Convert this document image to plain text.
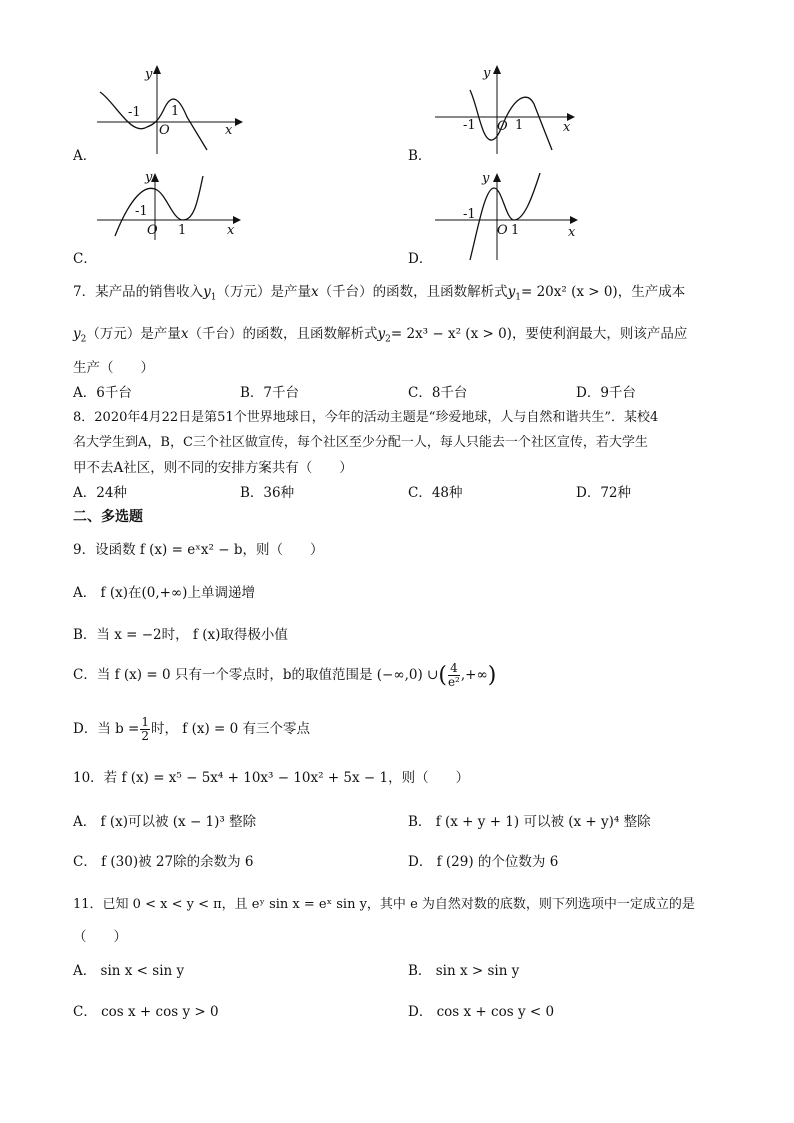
-1 1
O
y
x	-1	1
O
y
x
-1
1
O
y
x
-1
1
O
y
x
A．	B．
C．	D．
7．某产品的销售收入$y_1$（万元）是产量x（千台）的函数，且函数解析式$y_1= 20x^2$ (x > 0)，生产成本
$y_2$（万元）是产量x（千台）的函数，且函数解析式$y_2= 2x^3 - x^2$ (x > 0)，要使利润最大，则该产品应
生产（　　）
A．6千台	B．7千台	C．8千台	D．9千台
8．2020年4月22日是第51个世界地球日，今年的活动主题是“珍爱地球，人与自然和谐共生”．某校4
名大学生到A，B，C三个社区做宣传，每个社区至少分配一人，每人只能去一个社区宣传，若大学生
甲不去A社区，则不同的安排方案共有（　　）
A．24种	B．36种	C．48种	D．72种
二、多选题
9．设函数 f (x) = eˣx² − b，则（　　）
A． f (x)在(0,+∞)上单调递增
B．当 x = −2时， f (x)取得极小值
C．当 f (x) = 0 只有一个零点时，b的取值范围是 (−∞,0) ∪( $\frac{4}{\text{e²}}$ ,+∞)
D．当 $b = \frac{1}{2}$ 时， f (x) = 0 有三个零点
10．若 f (x) = x⁵ − 5x⁴ + 10x³ − 10x² + 5x − 1，则（　　）
A． f (x)可以被 (x − 1)³ 整除	B． f (x + y + 1) 可以被 (x + y)⁴ 整除
C． f (30)被 27除的余数为 6	D． f (29) 的个位数为 6
11．已知 0 < x < y < π，且 eʸ sin x = eˣ sin y，其中 e 为自然对数的底数，则下列选项中一定成立的是
（　　）
A． sin x < sin y	B． sin x > sin y
C． cos x + cos y > 0	D． cos x + cos y < 0
